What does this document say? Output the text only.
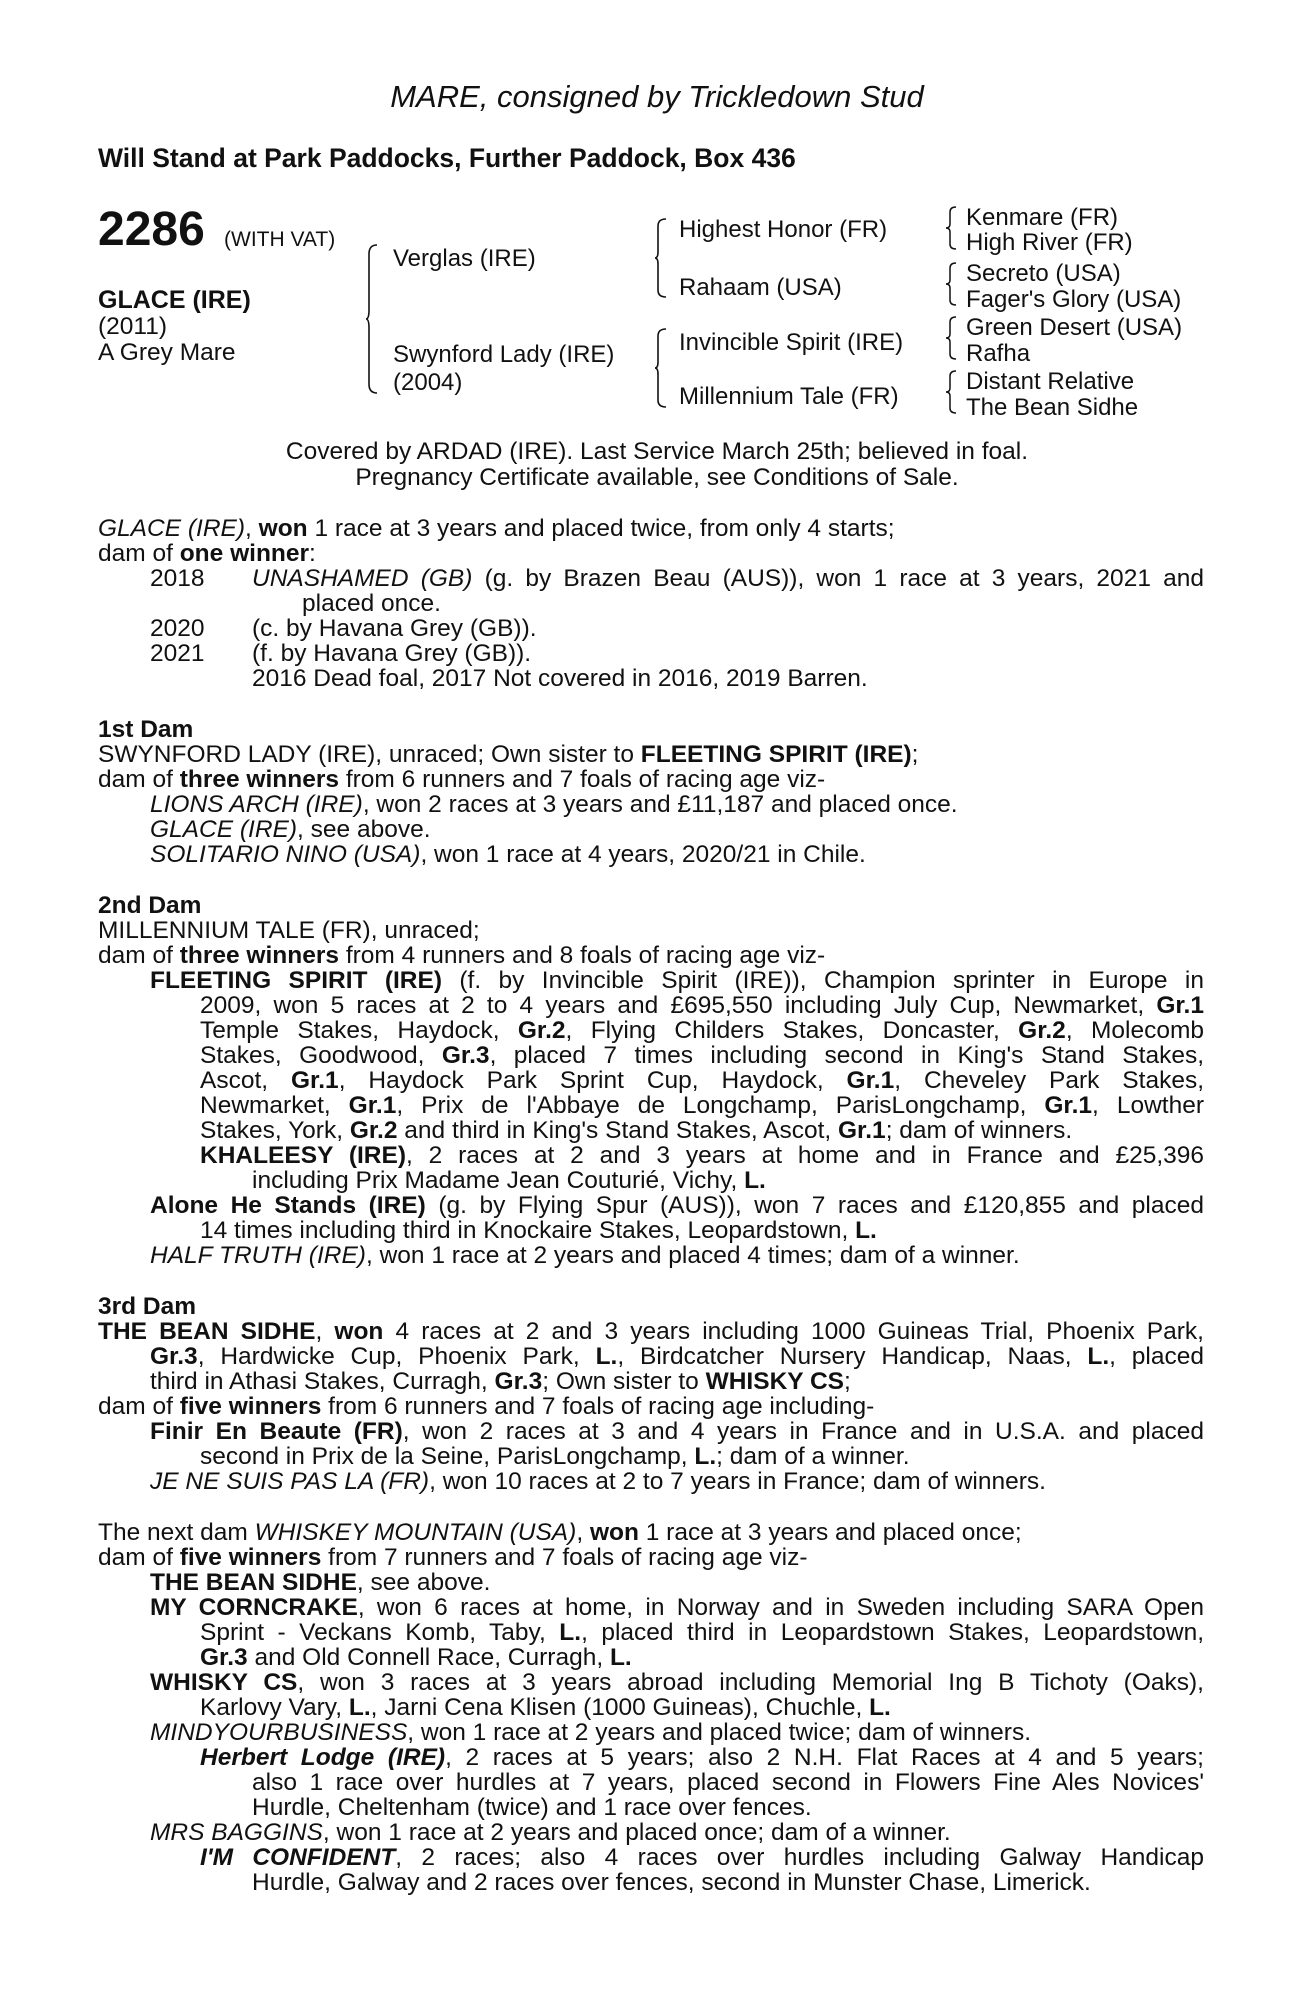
MARE, consigned by Trickledown Stud
Will Stand at Park Paddocks, Further Paddock, Box 436
2286 (WITH VAT)
GLACE (IRE)
(2011)
A Grey Mare
Verglas (IRE)
Swynford Lady (IRE)
(2004)
Highest Honor (FR)
Rahaam (USA)
Invincible Spirit (IRE)
Millennium Tale (FR)
Kenmare (FR)
High River (FR)
Secreto (USA)
Fager's Glory (USA)
Green Desert (USA)
Rafha
Distant Relative
The Bean Sidhe
Covered by ARDAD (IRE). Last Service March 25th; believed in foal.
Pregnancy Certificate available, see Conditions of Sale.
GLACE (IRE), won 1 race at 3 years and placed twice, from only 4 starts;
dam of one winner:
2018 UNASHAMED (GB) (g. by Brazen Beau (AUS)), won 1 race at 3 years, 2021 and
placed once.
2020 (c. by Havana Grey (GB)).
2021 (f. by Havana Grey (GB)).
2016 Dead foal, 2017 Not covered in 2016, 2019 Barren.
1st Dam
SWYNFORD LADY (IRE), unraced; Own sister to FLEETING SPIRIT (IRE);
dam of three winners from 6 runners and 7 foals of racing age viz-
LIONS ARCH (IRE), won 2 races at 3 years and £11,187 and placed once.
GLACE (IRE), see above.
SOLITARIO NINO (USA), won 1 race at 4 years, 2020/21 in Chile.
2nd Dam
MILLENNIUM TALE (FR), unraced;
dam of three winners from 4 runners and 8 foals of racing age viz-
FLEETING SPIRIT (IRE) (f. by Invincible Spirit (IRE)), Champion sprinter in Europe in
2009, won 5 races at 2 to 4 years and £695,550 including July Cup, Newmarket, Gr.1
Temple Stakes, Haydock, Gr.2, Flying Childers Stakes, Doncaster, Gr.2, Molecomb
Stakes, Goodwood, Gr.3, placed 7 times including second in King's Stand Stakes,
Ascot, Gr.1, Haydock Park Sprint Cup, Haydock, Gr.1, Cheveley Park Stakes,
Newmarket, Gr.1, Prix de l'Abbaye de Longchamp, ParisLongchamp, Gr.1, Lowther
Stakes, York, Gr.2 and third in King's Stand Stakes, Ascot, Gr.1; dam of winners.
KHALEESY (IRE), 2 races at 2 and 3 years at home and in France and £25,396
including Prix Madame Jean Couturié, Vichy, L.
Alone He Stands (IRE) (g. by Flying Spur (AUS)), won 7 races and £120,855 and placed
14 times including third in Knockaire Stakes, Leopardstown, L.
HALF TRUTH (IRE), won 1 race at 2 years and placed 4 times; dam of a winner.
3rd Dam
THE BEAN SIDHE, won 4 races at 2 and 3 years including 1000 Guineas Trial, Phoenix Park,
Gr.3, Hardwicke Cup, Phoenix Park, L., Birdcatcher Nursery Handicap, Naas, L., placed
third in Athasi Stakes, Curragh, Gr.3; Own sister to WHISKY CS;
dam of five winners from 6 runners and 7 foals of racing age including-
Finir En Beaute (FR), won 2 races at 3 and 4 years in France and in U.S.A. and placed
second in Prix de la Seine, ParisLongchamp, L.; dam of a winner.
JE NE SUIS PAS LA (FR), won 10 races at 2 to 7 years in France; dam of winners.
The next dam WHISKEY MOUNTAIN (USA), won 1 race at 3 years and placed once;
dam of five winners from 7 runners and 7 foals of racing age viz-
THE BEAN SIDHE, see above.
MY CORNCRAKE, won 6 races at home, in Norway and in Sweden including SARA Open
Sprint - Veckans Komb, Taby, L., placed third in Leopardstown Stakes, Leopardstown,
Gr.3 and Old Connell Race, Curragh, L.
WHISKY CS, won 3 races at 3 years abroad including Memorial Ing B Tichoty (Oaks),
Karlovy Vary, L., Jarni Cena Klisen (1000 Guineas), Chuchle, L.
MINDYOURBUSINESS, won 1 race at 2 years and placed twice; dam of winners.
Herbert Lodge (IRE), 2 races at 5 years; also 2 N.H. Flat Races at 4 and 5 years;
also 1 race over hurdles at 7 years, placed second in Flowers Fine Ales Novices'
Hurdle, Cheltenham (twice) and 1 race over fences.
MRS BAGGINS, won 1 race at 2 years and placed once; dam of a winner.
I'M CONFIDENT, 2 races; also 4 races over hurdles including Galway Handicap
Hurdle, Galway and 2 races over fences, second in Munster Chase, Limerick.
